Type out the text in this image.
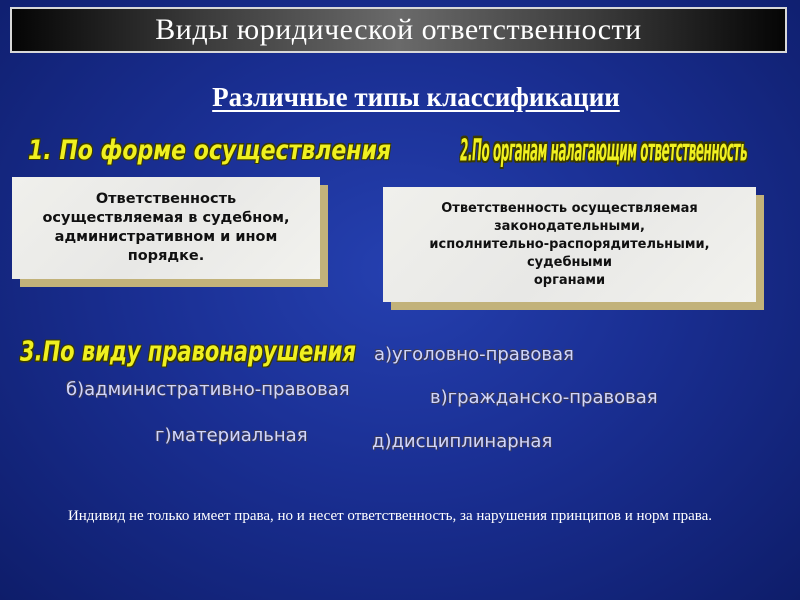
Виды юридической ответственности
Различные типы классификации
1. По форме осуществления	2.По органам налагающим ответственность
Ответственность
осуществляемая в судебном,
административном и ином
порядке.
Ответственность осуществляемая
законодательными,
исполнительно-распорядительными,
судебными
органами
3.По виду правонарушения а)уголовно-правовая
б)административно-правовая	в)гражданско-правовая
г)материальная	д)дисциплинарная
Индивид не только имеет права, но и несет ответственность, за нарушения принципов и норм права.
